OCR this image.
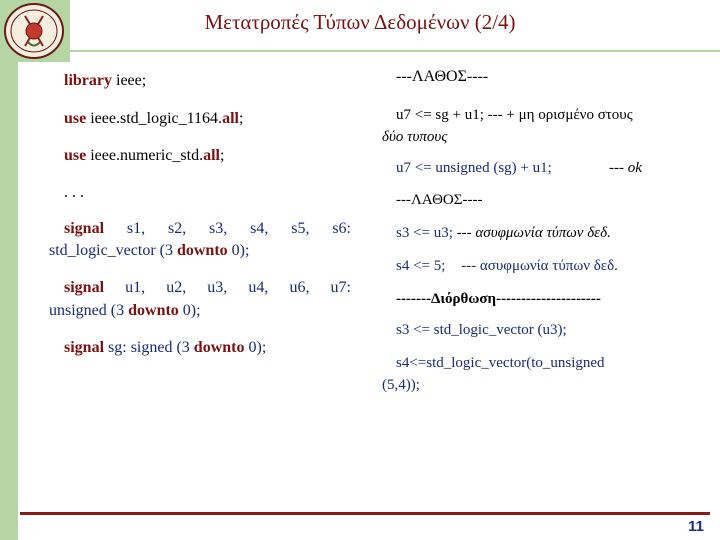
Μετατροπές Τύπων Δεδομένων (2/4)
library ieee;
use ieee.std_logic_1164.all;
use ieee.numeric_std.all;
. . .
signal s1, s2, s3, s4, s5, s6:
std_logic_vector (3 downto 0);
signal u1, u2, u3, u4, u6, u7:
unsigned (3 downto 0);
signal sg: signed (3 downto 0);
---ΛΑΘΟΣ----
u7 <= sg + u1; --- + μη ορισμένο στους
δύο τυπους
u7 <= unsigned (sg) + u1;	--- ok
---ΛΑΘΟΣ----
s3 <= u3; --- ασυφμωνία τύπων δεδ.
s4 <= 5; --- ασυφμωνία τύπων δεδ.
-------Διόρθωση---------------------
s3 <= std_logic_vector (u3);
s4<=std_logic_vector(to_unsigned
(5,4));
11
